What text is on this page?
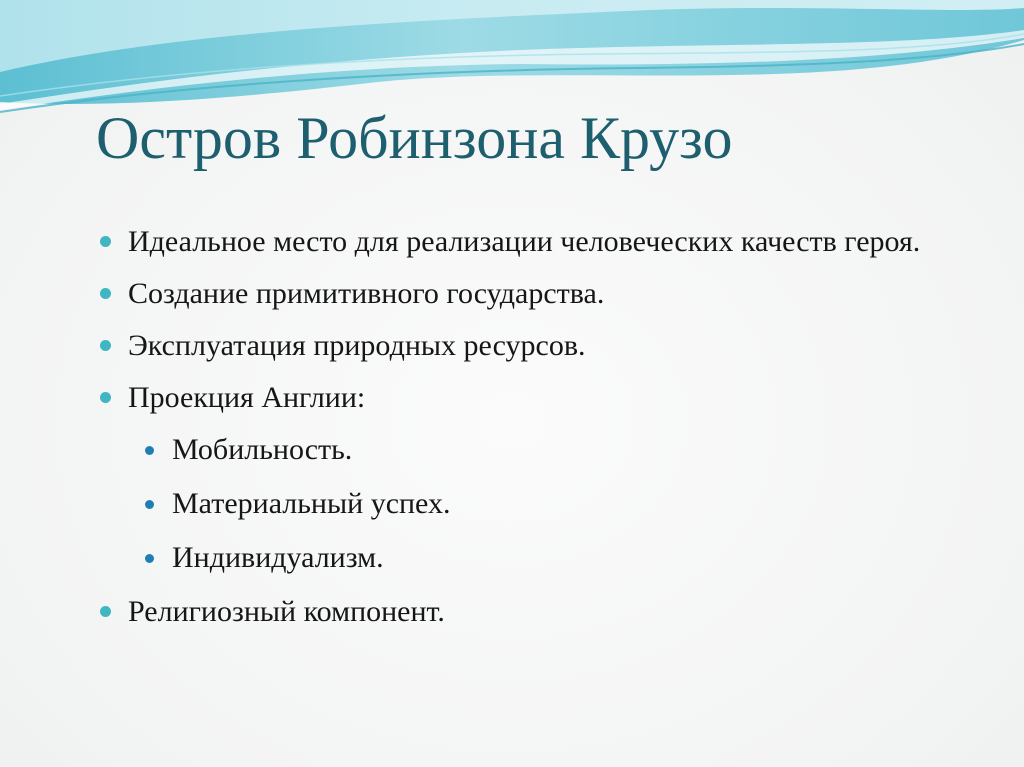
Остров Робинзона Крузо
Идеальное место для реализации человеческих качеств героя.
Создание примитивного государства.
Эксплуатация природных ресурсов.
Проекция Англии:
Мобильность.
Материальный успех.
Индивидуализм.
Религиозный компонент.
